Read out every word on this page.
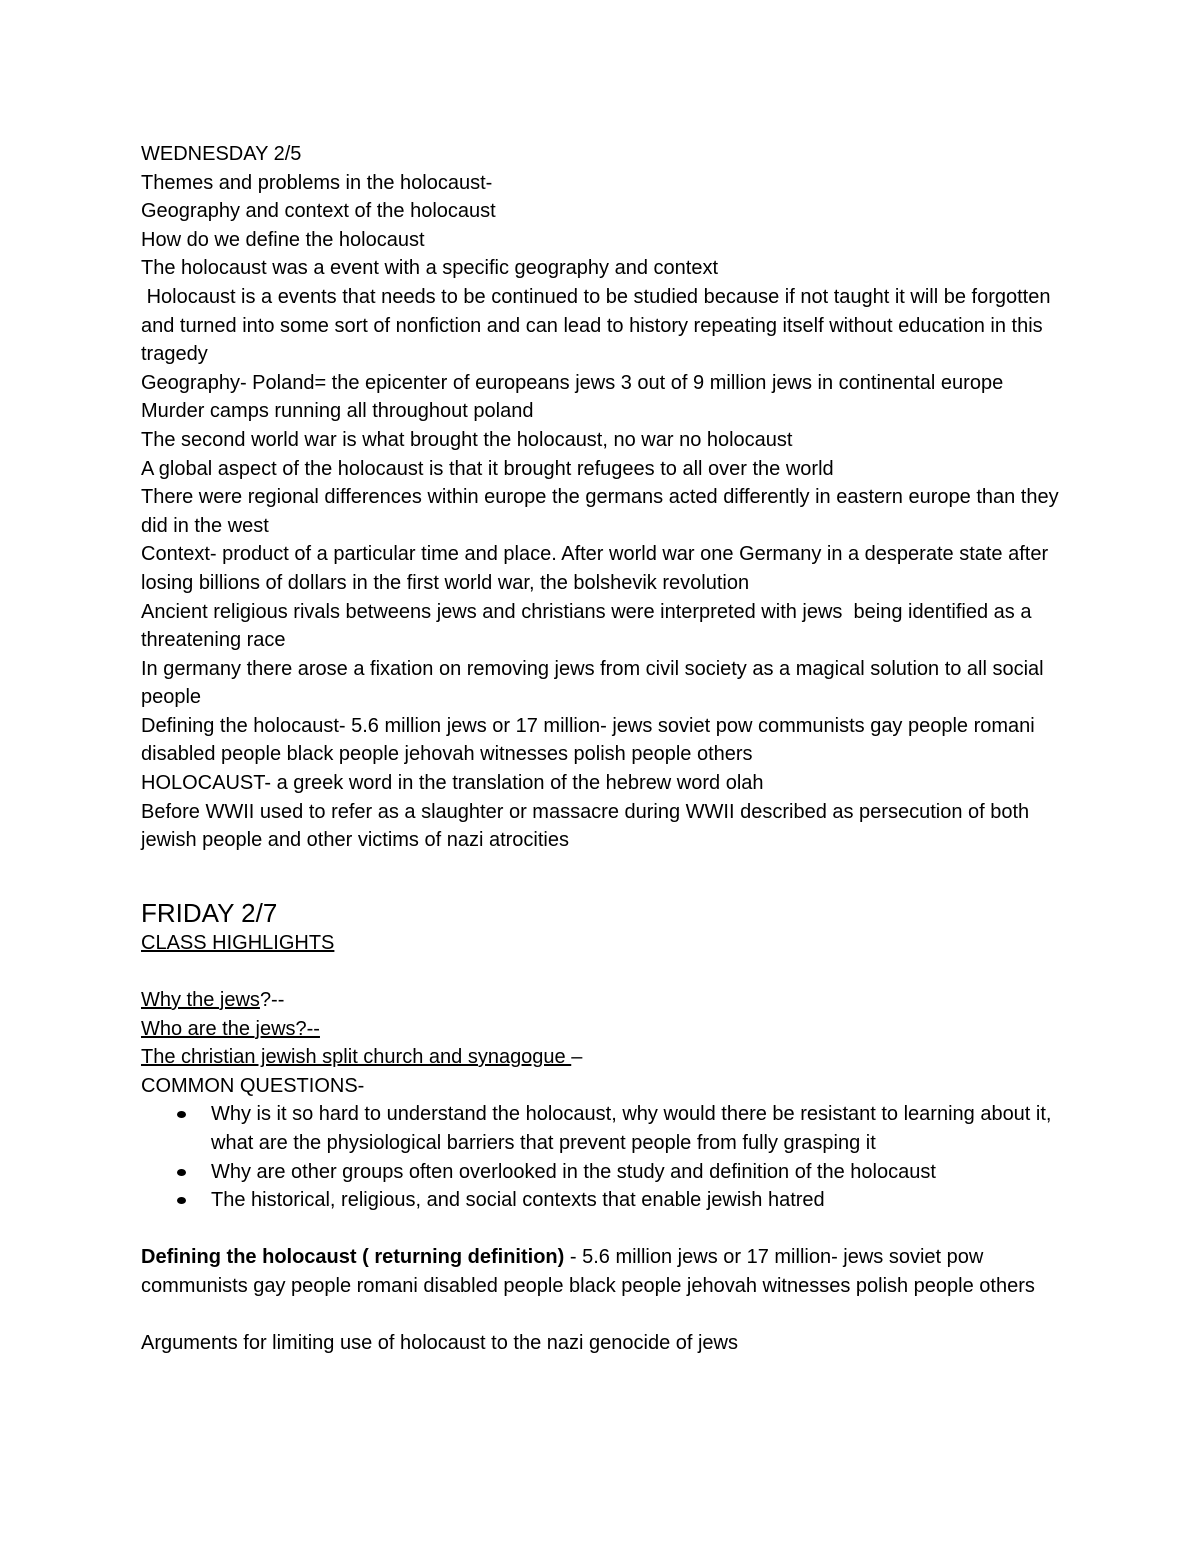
WEDNESDAY 2/5

Themes and problems in the holocaust-

Geography and context of the holocaust

How do we define the holocaust

The holocaust was a event with a specific geography and context

Holocaust is a events that needs to be continued to be studied because if not taught it will be forgotten and turned into some sort of nonfiction and can lead to history repeating itself without education in this tragedy

Geography- Poland= the epicenter of europeans jews 3 out of 9 million jews in continental europe

Murder camps running all throughout poland

The second world war is what brought the holocaust, no war no holocaust

A global aspect of the holocaust is that it brought refugees to all over the world

There were regional differences within europe the germans acted differently in eastern europe than they did in the west

Context- product of a particular time and place. After world war one Germany in a desperate state after losing billions of dollars in the first world war, the bolshevik revolution

Ancient religious rivals betweens jews and christians were interpreted with jews  being identified as a threatening race

In germany there arose a fixation on removing jews from civil society as a magical solution to all social people

Defining the holocaust- 5.6 million jews or 17 million- jews soviet pow communists gay people romani disabled people black people jehovah witnesses polish people others

HOLOCAUST- a greek word in the translation of the hebrew word olah

Before WWII used to refer as a slaughter or massacre during WWII described as persecution of both jewish people and other victims of nazi atrocities

FRIDAY 2/7

CLASS HIGHLIGHTS

Why the jews?--

Who are the jews?--

The christian jewish split church and synagogue –

COMMON QUESTIONS-

Why is it so hard to understand the holocaust, why would there be resistant to learning about it, what are the physiological barriers that prevent people from fully grasping it
Why are other groups often overlooked in the study and definition of the holocaust
The historical, religious, and social contexts that enable jewish hatred

Defining the holocaust ( returning definition) - 5.6 million jews or 17 million- jews soviet pow communists gay people romani disabled people black people jehovah witnesses polish people others

Arguments for limiting use of holocaust to the nazi genocide of jews
